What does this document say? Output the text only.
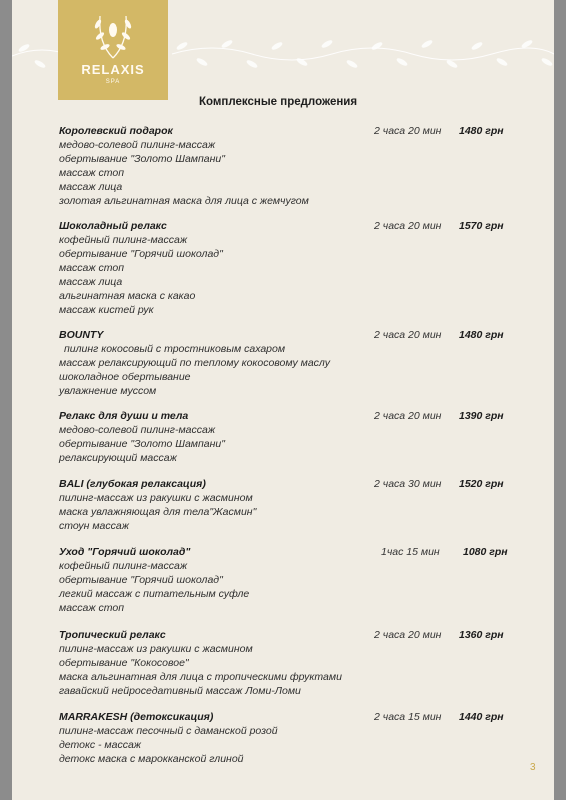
RELAXIS
SPA
Комплексные предложения
Королевский подарок	2 часа 20 мин 1480 грн
медово-солевой пилинг-массаж
обертывание "Золото Шампани"
массаж стоп
массаж лица
золотая альгинатная маска для лица с жемчугом
Шоколадный релакс	2 часа 20 мин 1570 грн
кофейный пилинг-массаж
обертывание "Горячий шоколад"
массаж стоп
массаж лица
альгинатная маска с какао
массаж кистей рук
BOUNTY	2 часа 20 мин 1480 грн
пилинг кокосовый с тростниковым сахаром
массаж релаксирующий по теплому кокосовому маслу
шоколадное обертывание
увлажнение муссом
Релакс для души и тела	2 часа 20 мин 1390 грн
медово-солевой пилинг-массаж
обертывание "Золото Шампани"
релаксирующий массаж
BALI (глубокая релаксация)	2 часа 30 мин 1520 грн
пилинг-массаж из ракушки с жасмином
маска увлажняющая для тела"Жасмин"
стоун массаж
Уход "Горячий шоколад"	1час 15 мин 1080 грн
кофейный пилинг-массаж
обертывание "Горячий шоколад"
легкий массаж с питательным суфле
массаж стоп
Тропический релакс	2 часа 20 мин 1360 грн
пилинг-массаж из ракушки с жасмином
обертывание "Кокосовое"
маска альгинатная для лица с тропическими фруктами
гавайский нейроседативный массаж Ломи-Ломи
MARRAKESH (детоксикация)	2 часа 15 мин 1440 грн
пилинг-массаж песочный с даманской розой
детокс - массаж
детокс маска с марокканской глиной
3
